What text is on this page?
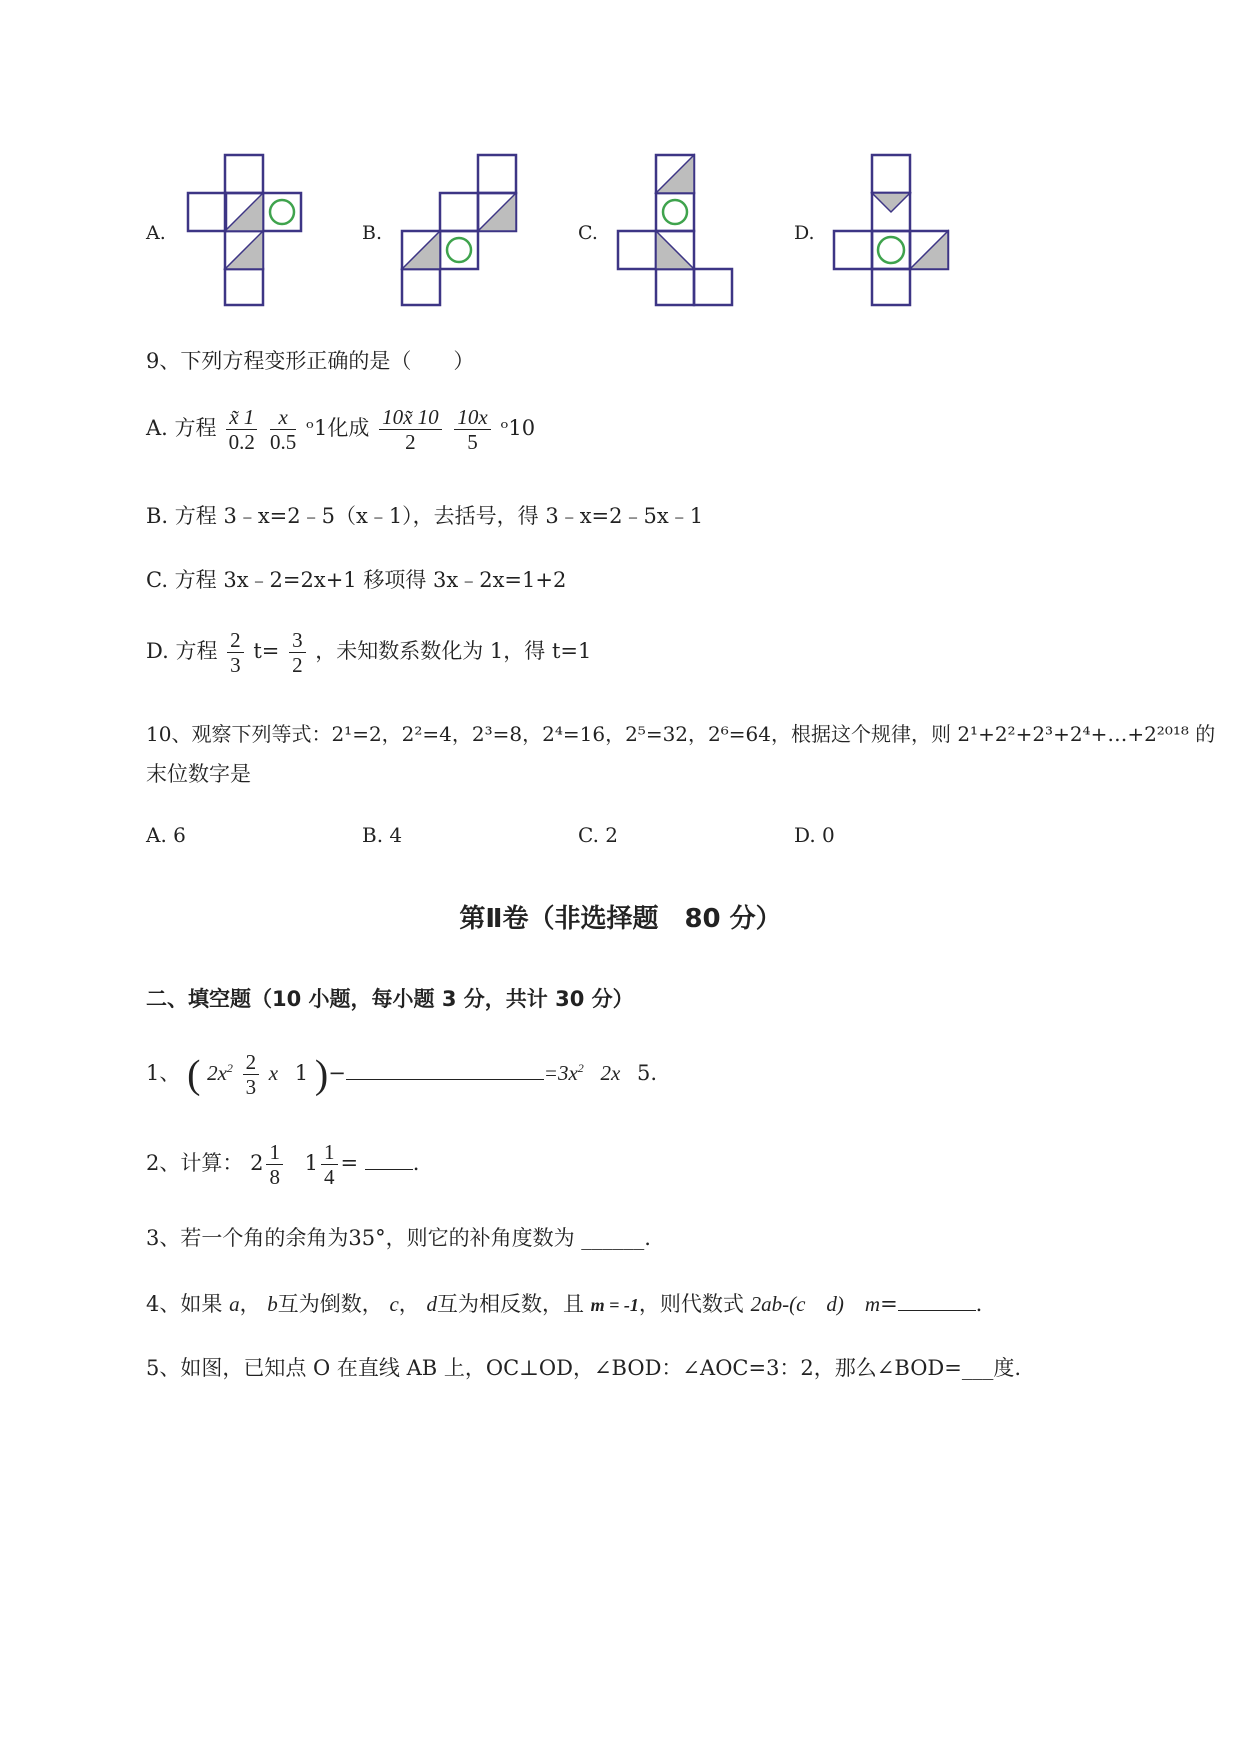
A.	B.	C.	D.
9、下列方程变形正确的是（　　）
A. 方程 $\frac{x̃ 1}{0.2}$
$\frac{x}{0.5}$ ᵒ1化成 $\frac{10x̃ 10}{2}$
$\frac{10x}{5}$ ᵒ10
B. 方程 3﹣x=2﹣5（x﹣1），去括号，得 3﹣x=2﹣5x﹣1
C. 方程 3x﹣2=2x+1 移项得 3x﹣2x=1+2
D. 方程 $\frac{2}{3} t= \frac{3}{2}$ ，未知数系数化为 1，得 t=1
10、观察下列等式：2¹=2，2²=4，2³=8，2⁴=16，2⁵=32，2⁶=64，根据这个规律，则 2¹+2²+2³+2⁴+…+2²⁰¹⁸ 的
末位数字是
A. 6	B. 4	C. 2	D. 0
第Ⅱ卷（非选择题　80 分）
二、填空题（10 小题，每小题 3 分，共计 30 分）
1、 ( $2x^2 \frac{2}{3}$ x 1 )−	$=3x^2$ 2x 5.
2、计算： $2 \frac{1}{8} 1 \frac{1}{4}$ =	.
3、若一个角的余角为35°，则它的补角度数为 ______.
4、如果 a， b互为倒数， c， d互为相反数，且 m = -1，则代数式 2ab-(c　d)　m=	.
5、如图，已知点 O 在直线 AB 上，OC⊥OD，∠BOD：∠AOC=3：2，那么∠BOD=___度.
